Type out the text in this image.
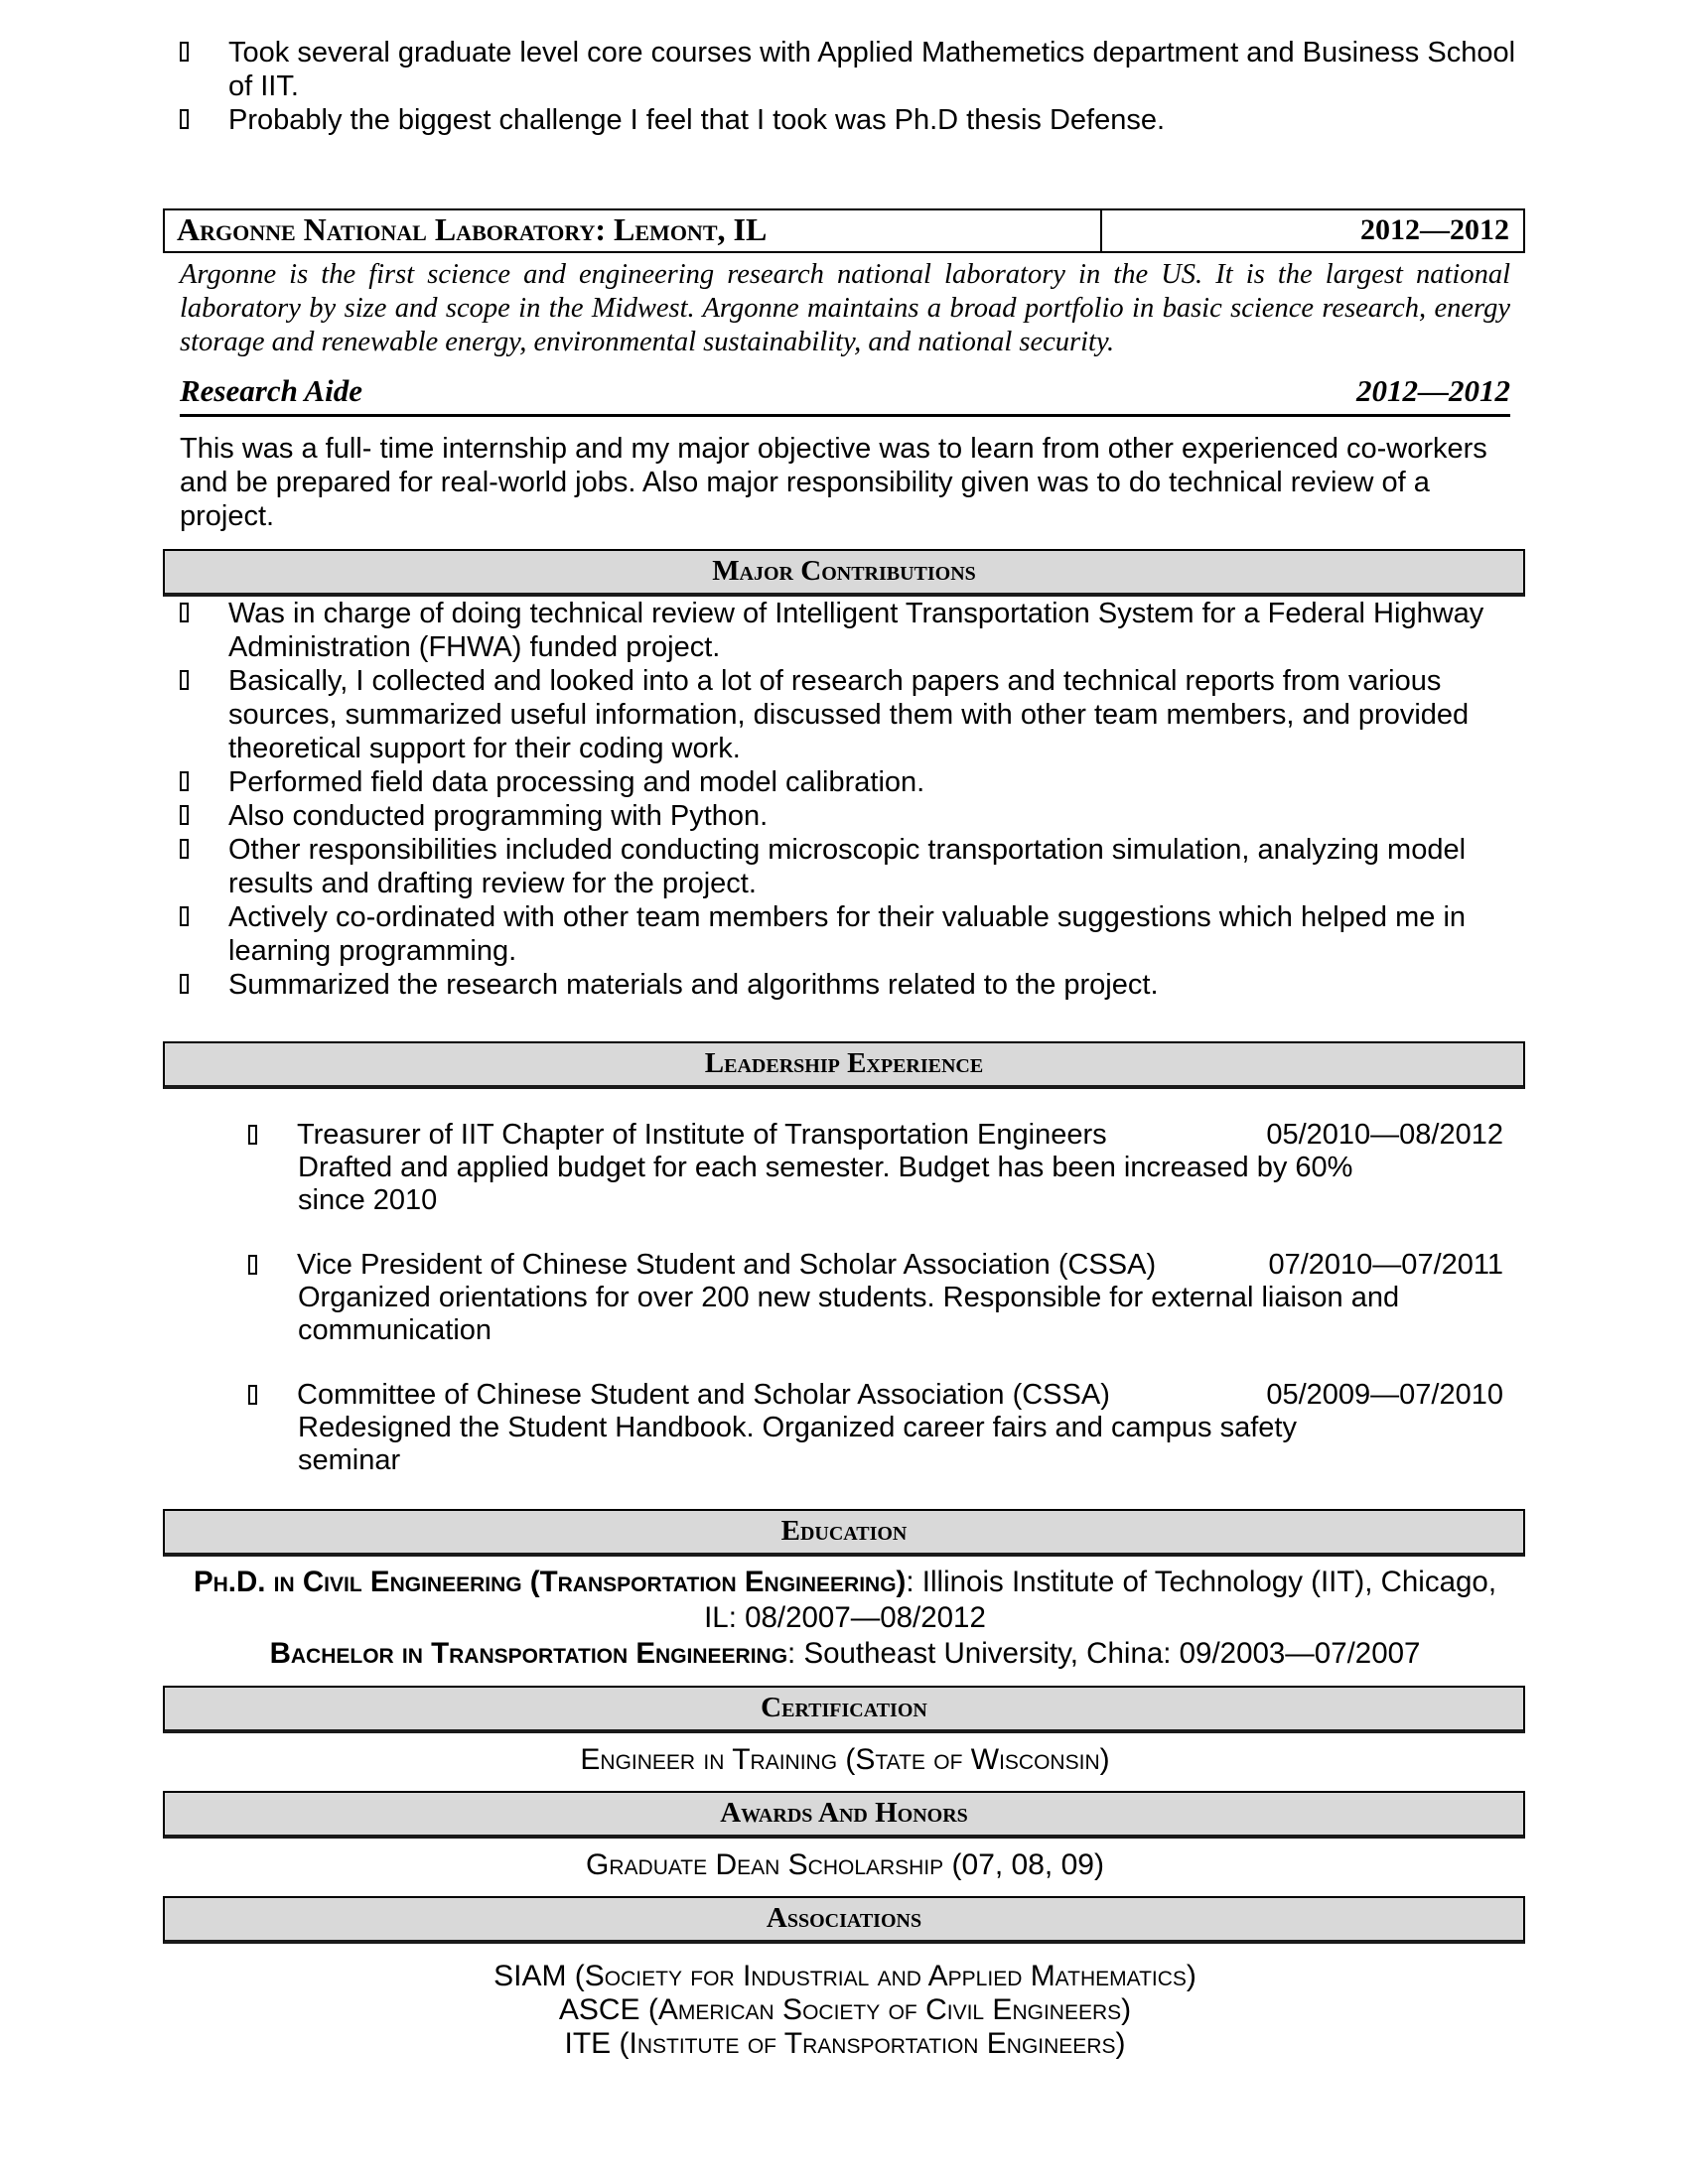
Took several graduate level core courses with Applied Mathemetics department and Business School of IIT.
Probably the biggest challenge I feel that I took was Ph.D thesis Defense.
Argonne National Laboratory: Lemont, IL	2012—2012
Argonne is the first science and engineering research national laboratory in the US. It is the largest national laboratory by size and scope in the Midwest. Argonne maintains a broad portfolio in basic science research, energy storage and renewable energy, environmental sustainability, and national security.
Research Aide	2012—2012
This was a full- time internship and my major objective was to learn from other experienced co-workers and be prepared for real-world jobs. Also major responsibility given was to do technical review of a project.
Major Contributions
Was in charge of doing technical review of Intelligent Transportation System for a Federal Highway Administration (FHWA) funded project.
Basically, I collected and looked into a lot of research papers and technical reports from various sources, summarized useful information, discussed them with other team members, and provided theoretical support for their coding work.
Performed field data processing and model calibration.
Also conducted programming with Python.
Other responsibilities included conducting microscopic transportation simulation, analyzing model results and drafting review for the project.
Actively co-ordinated with other team members for their valuable suggestions which helped me in learning programming.
Summarized the research materials and algorithms related to the project.
Leadership Experience
Treasurer of IIT Chapter of Institute of Transportation Engineers	05/2010—08/2012
Drafted and applied budget for each semester. Budget has been increased by 60% since 2010
Vice President of Chinese Student and Scholar Association (CSSA)	07/2010—07/2011
Organized orientations for over 200 new students. Responsible for external liaison and communication
Committee of Chinese Student and Scholar Association (CSSA)	05/2009—07/2010
Redesigned the Student Handbook. Organized career fairs and campus safety seminar
Education
Ph.D. in Civil Engineering (Transportation Engineering): Illinois Institute of Technology (IIT), Chicago, IL: 08/2007—08/2012
Bachelor in Transportation Engineering: Southeast University, China: 09/2003—07/2007
Certification
Engineer in Training (State of Wisconsin)
Awards And Honors
Graduate Dean Scholarship (07, 08, 09)
Associations
SIAM (Society for Industrial and Applied Mathematics)
ASCE (American Society of Civil Engineers)
ITE (Institute of Transportation Engineers)
